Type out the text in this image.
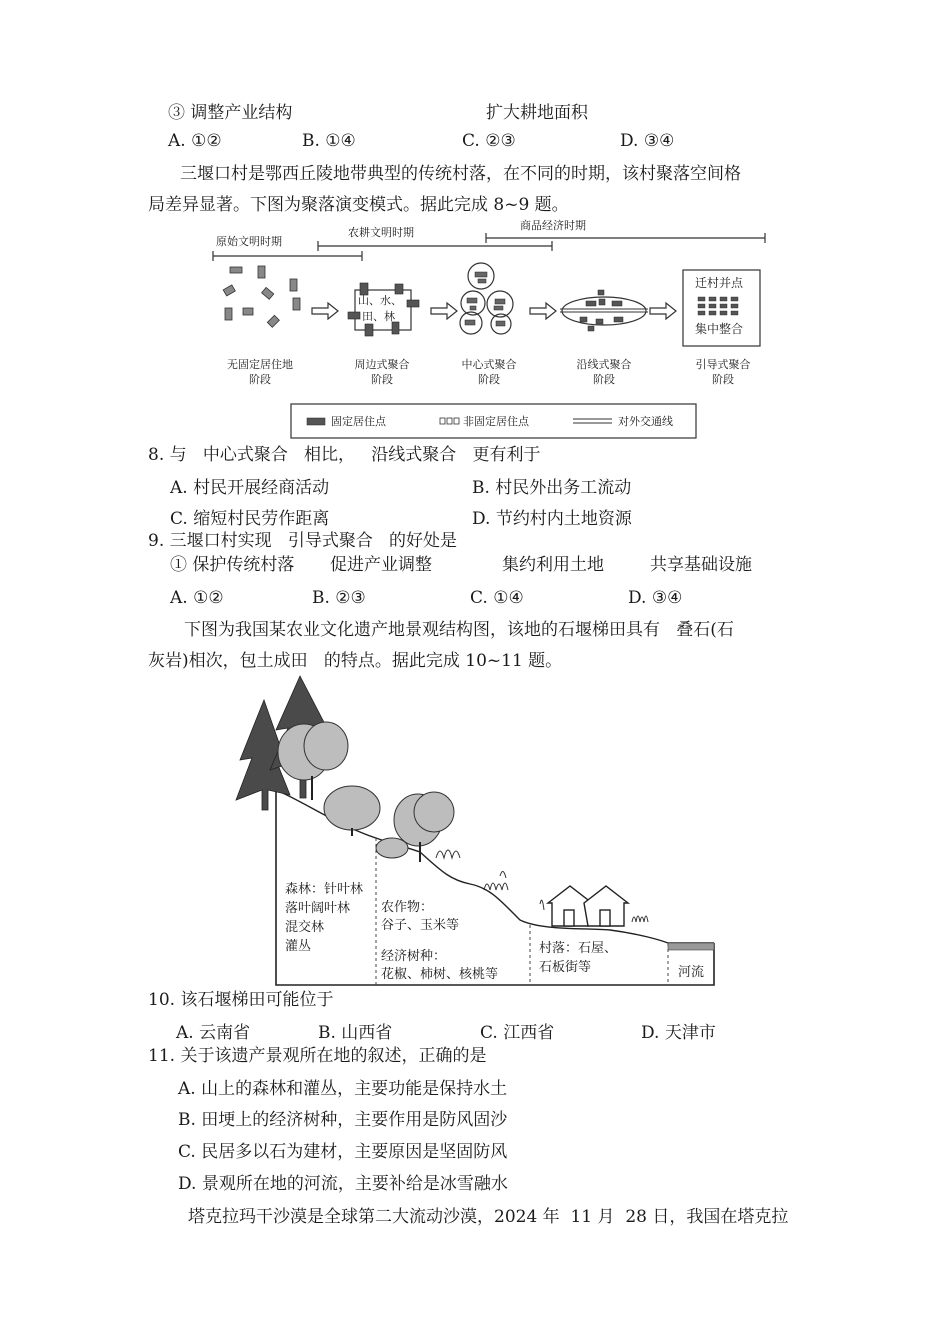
③ 调整产业结构	扩大耕地面积
A. ①②	B. ①④	C. ②③	D. ③④
三堰口村是鄂西丘陵地带典型的传统村落，在不同的时期，该村聚落空间格
局差异显著。下图为聚落演变模式。据此完成 8~9 题。
原始文明时期
农耕文明时期
商品经济时期
山、水、
田、林
迁村并点
集中整合
无固定居住地
阶段
周边式聚合
阶段
中心式聚合
阶段
沿线式聚合
阶段
引导式聚合
阶段
固定居住点	非固定居住点	对外交通线
8. 与   中心式聚合   相比，   沿线式聚合   更有利于
A. 村民开展经商活动	B. 村民外出务工流动
C. 缩短村民劳作距离	D. 节约村内土地资源
9. 三堰口村实现   引导式聚合   的好处是
① 保护传统村落 促进产业调整	集约利用土地	共享基础设施
A. ①②	B. ②③	C. ①④	D. ③④
下图为我国某农业文化遗产地景观结构图，该地的石堰梯田具有   叠石(石
灰岩)相次，包土成田   的特点。据此完成 10~11 题。
森林：针叶林
落叶阔叶林
混交林
灌丛
农作物：
谷子、玉米等
经济树种：
花椒、柿树、核桃等
村落：石屋、
石板街等	河流
10. 该石堰梯田可能位于
A. 云南省	B. 山西省	C. 江西省	D. 天津市
11. 关于该遗产景观所在地的叙述，正确的是
A. 山上的森林和灌丛，主要功能是保持水土
B. 田埂上的经济树种，主要作用是防风固沙
C. 民居多以石为建材，主要原因是坚固防风
D. 景观所在地的河流，主要补给是冰雪融水
塔克拉玛干沙漠是全球第二大流动沙漠，2024 年  11 月  28 日，我国在塔克拉
